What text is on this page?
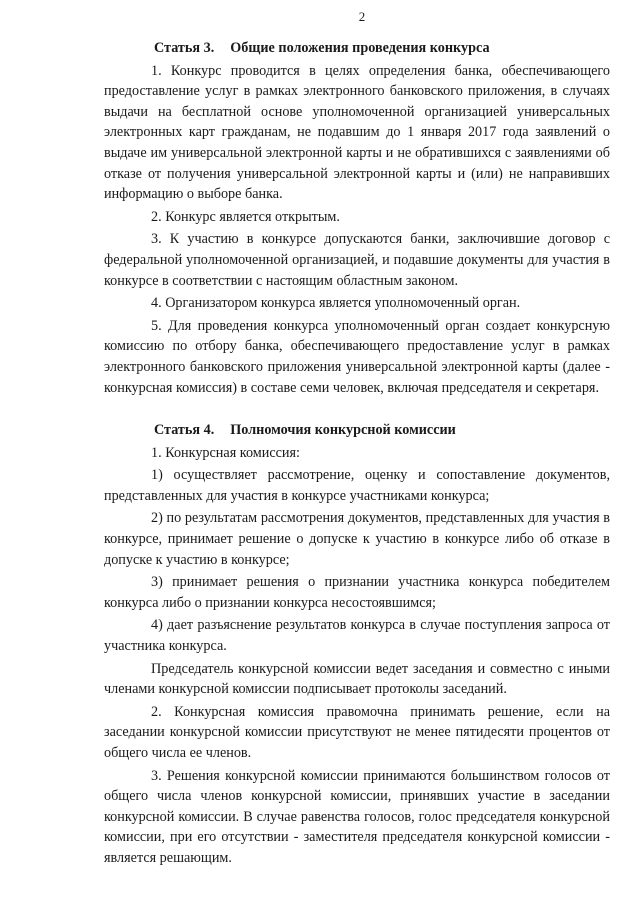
2
Статья 3. Общие положения проведения конкурса

1. Конкурс проводится в целях определения банка, обеспечивающего предоставление услуг в рамках электронного банковского приложения, в случаях выдачи на бесплатной основе уполномоченной организацией универсальных электронных карт гражданам, не подавшим до 1 января 2017 года заявлений о выдаче им универсальной электронной карты и не обратившихся с заявлениями об отказе от получения универсальной электронной карты и (или) не направивших информацию о выборе банка.

2. Конкурс является открытым.

3. К участию в конкурсе допускаются банки, заключившие договор с федеральной уполномоченной организацией, и подавшие документы для участия в конкурсе в соответствии с настоящим областным законом.

4. Организатором конкурса является уполномоченный орган.

5. Для проведения конкурса уполномоченный орган создает конкурсную комиссию по отбору банка, обеспечивающего предоставление услуг в рамках электронного банковского приложения универсальной электронной карты (далее - конкурсная комиссия) в составе семи человек, включая председателя и секретаря.

Статья 4. Полномочия конкурсной комиссии

1. Конкурсная комиссия:

1) осуществляет рассмотрение, оценку и сопоставление документов, представленных для участия в конкурсе участниками конкурса;

2) по результатам рассмотрения документов, представленных для участия в конкурсе, принимает решение о допуске к участию в конкурсе либо об отказе в допуске к участию в конкурсе;

3) принимает решения о признании участника конкурса победителем конкурса либо о признании конкурса несостоявшимся;

4) дает разъяснение результатов конкурса в случае поступления запроса от участника конкурса.

Председатель конкурсной комиссии ведет заседания и совместно с иными членами конкурсной комиссии подписывает протоколы заседаний.

2. Конкурсная комиссия правомочна принимать решение, если на заседании конкурсной комиссии присутствуют не менее пятидесяти процентов от общего числа ее членов.

3. Решения конкурсной комиссии принимаются большинством голосов от общего числа членов конкурсной комиссии, принявших участие в заседании конкурсной комиссии. В случае равенства голосов, голос председателя конкурсной комиссии, при его отсутствии - заместителя председателя конкурсной комиссии - является решающим.
